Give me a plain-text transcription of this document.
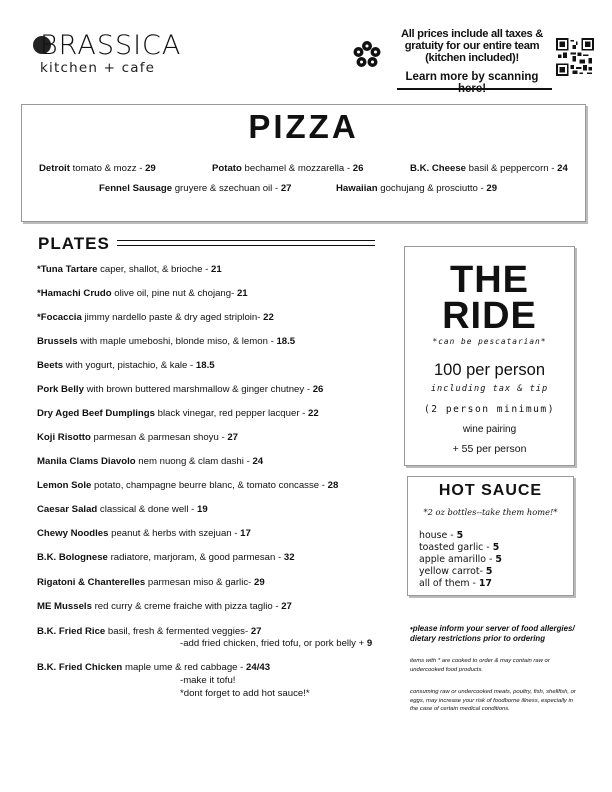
BRASSICA
kitchen + cafe
All prices include all taxes &
gratuity for our entire team
(kitchen included)!
Learn more by scanning here!
PIZZA
Detroit tomato & mozz - 29	Potato bechamel & mozzarella - 26	B.K. Cheese basil & peppercorn - 24
Fennel Sausage gruyere & szechuan oil - 27	Hawaiian gochujang & prosciutto - 29
PLATES
*Tuna Tartare caper, shallot, & brioche - 21
*Hamachi Crudo olive oil, pine nut & chojang- 21
*Focaccia jimmy nardello paste & dry aged striploin- 22
Brussels with maple umeboshi, blonde miso, & lemon - 18.5
Beets with yogurt, pistachio, & kale - 18.5
Pork Belly with brown buttered marshmallow & ginger chutney - 26
Dry Aged Beef Dumplings black vinegar, red pepper lacquer - 22
Koji Risotto parmesan & parmesan shoyu - 27
Manila Clams Diavolo nem nuong & clam dashi - 24
Lemon Sole potato, champagne beurre blanc, & tomato concasse - 28
Caesar Salad classical & done well - 19
Chewy Noodles peanut & herbs with szejuan - 17
B.K. Bolognese radiatore, marjoram, & good parmesan - 32
Rigatoni & Chanterelles parmesan miso & garlic- 29
ME Mussels red curry & creme fraiche with pizza taglio - 27
B.K. Fried Rice basil, fresh & fermented veggies- 27
-add fried chicken, fried tofu, or pork belly + 9
B.K. Fried Chicken maple ume & red cabbage - 24/43
-make it tofu!
*dont forget to add hot sauce!*
THE
RIDE
*can be pescatarian*
100 per person
including tax & tip
(2 person minimum)
wine pairing
+ 55 per person
HOT SAUCE
*2 oz bottles--take them home!*
house - 5
toasted garlic - 5
apple amarillo - 5
yellow carrot- 5
all of them - 17
•please inform your server of food allergies/ dietary restrictions prior to ordering
items with * are cooked to order & may contain raw or undercooked food products.
consuming raw or undercooked meats, poultry, fish, shellfish, or eggs, may increase your risk of foodborne illness, especially in the case of certain medical conditions.
